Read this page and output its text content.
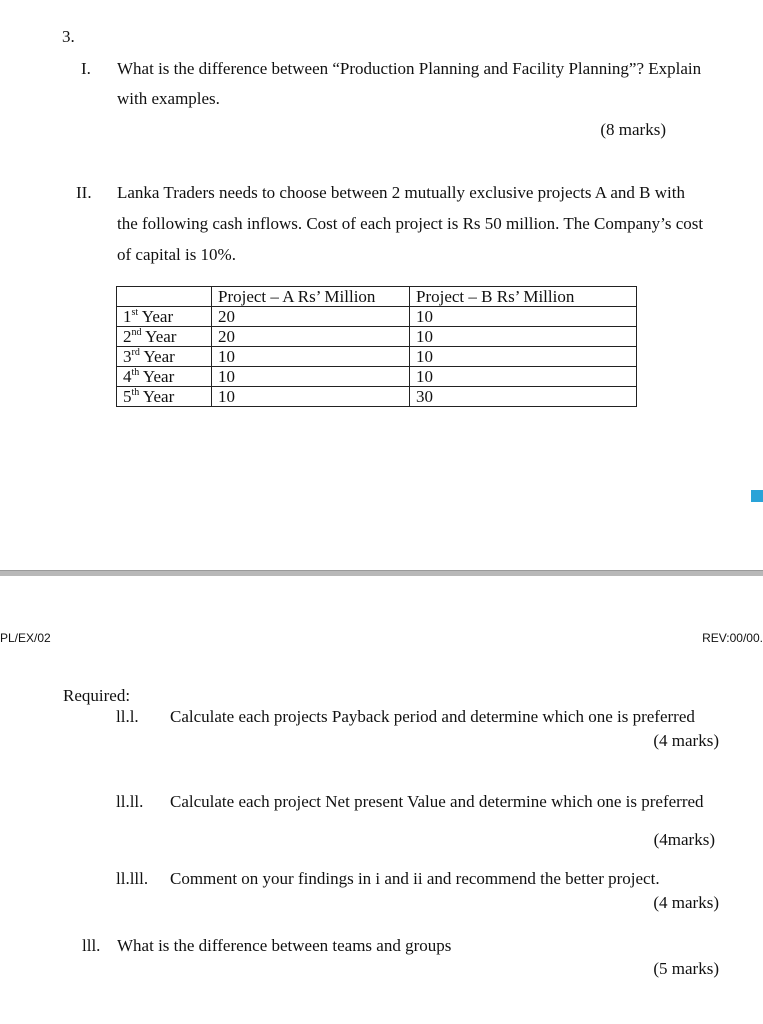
3.
I. What is the difference between “Production Planning and Facility Planning”? Explain
with examples.
(8 marks)
II. Lanka Traders needs to choose between 2 mutually exclusive projects A and B with
the following cash inflows. Cost of each project is Rs 50 million. The Company’s cost
of capital is 10%.
	Project – A Rs’ Million	Project – B Rs’ Million
1st Year	20	10
2nd Year	20	10
3rd Year	10	10
4th Year	10	10
5th Year	10	30
PL/EX/02	REV:00/00.
Required:
ll.l. Calculate each projects Payback period and determine which one is preferred
(4 marks)
ll.ll. Calculate each project Net present Value and determine which one is preferred
(4marks)
ll.lll. Comment on your findings in i and ii and recommend the better project.
(4 marks)
lll. What is the difference between teams and groups
(5 marks)
